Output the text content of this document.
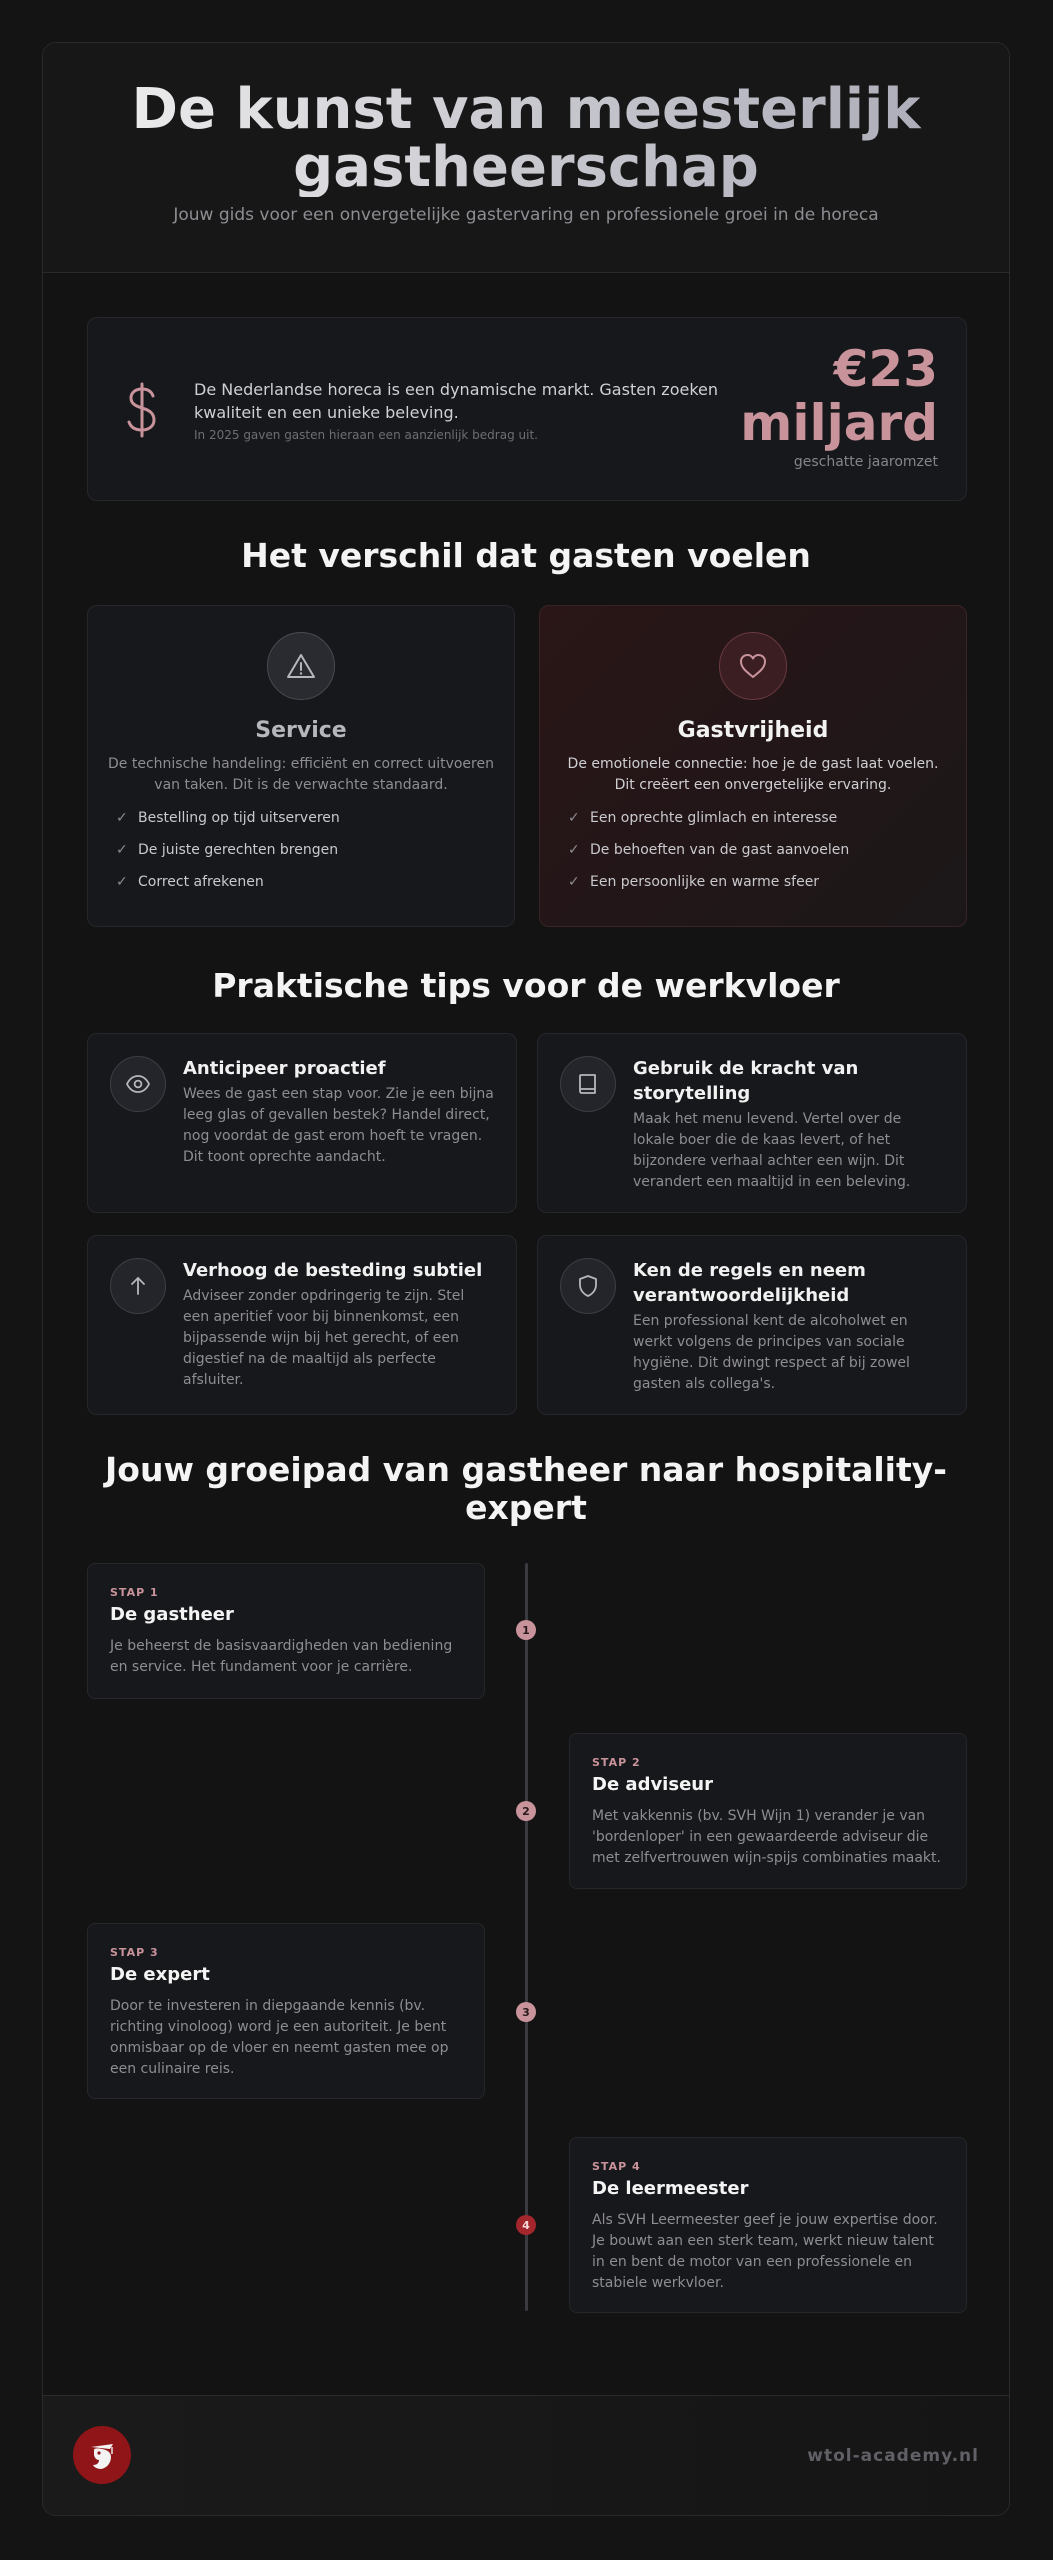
De kunst van meesterlijk
gastheerschap

Jouw gids voor een onvergetelijke gastervaring en professionele groei in de horeca

De Nederlandse horeca is een dynamische markt. Gasten zoeken kwaliteit en een unieke beleving.
In 2025 gaven gasten hieraan een aanzienlijk bedrag uit.
€23
miljard
geschatte jaaromzet
Het verschil dat gasten voelen
Service
De technische handeling: efficiënt en correct uitvoeren van taken. Dit is de verwachte standaard.
✓ Bestelling op tijd uitserveren
✓ De juiste gerechten brengen
✓ Correct afrekenen
Gastvrijheid
De emotionele connectie: hoe je de gast laat voelen. Dit creëert een onvergetelijke ervaring.
✓ Een oprechte glimlach en interesse
✓ De behoeften van de gast aanvoelen
✓ Een persoonlijke en warme sfeer
Praktische tips voor de werkvloer
Anticipeer proactief
Wees de gast een stap voor. Zie je een bijna leeg glas of gevallen bestek? Handel direct, nog voordat de gast erom hoeft te vragen. Dit toont oprechte aandacht.
Gebruik de kracht van storytelling
Maak het menu levend. Vertel over de lokale boer die de kaas levert, of het bijzondere verhaal achter een wijn. Dit verandert een maaltijd in een beleving.
Verhoog de besteding subtiel
Adviseer zonder opdringerig te zijn. Stel een aperitief voor bij binnenkomst, een bijpassende wijn bij het gerecht, of een digestief na de maaltijd als perfecte afsluiter.
Ken de regels en neem verantwoordelijkheid
Een professional kent de alcoholwet en werkt volgens de principes van sociale hygiëne. Dit dwingt respect af bij zowel gasten als collega's.
Jouw groeipad van gastheer naar hospitality-expert
STAP 1
De gastheer
Je beheerst de basisvaardigheden van bediening en service. Het fundament voor je carrière.
1
STAP 2
De adviseur
Met vakkennis (bv. SVH Wijn 1) verander je van 'bordenloper' in een gewaardeerde adviseur die met zelfvertrouwen wijn-spijs combinaties maakt.
2
STAP 3
De expert
Door te investeren in diepgaande kennis (bv. richting vinoloog) word je een autoriteit. Je bent onmisbaar op de vloer en neemt gasten mee op een culinaire reis.
3
STAP 4
De leermeester
Als SVH Leermeester geef je jouw expertise door. Je bouwt aan een sterk team, werkt nieuw talent in en bent de motor van een professionele en stabiele werkvloer.
4
wtol-academy.nl
